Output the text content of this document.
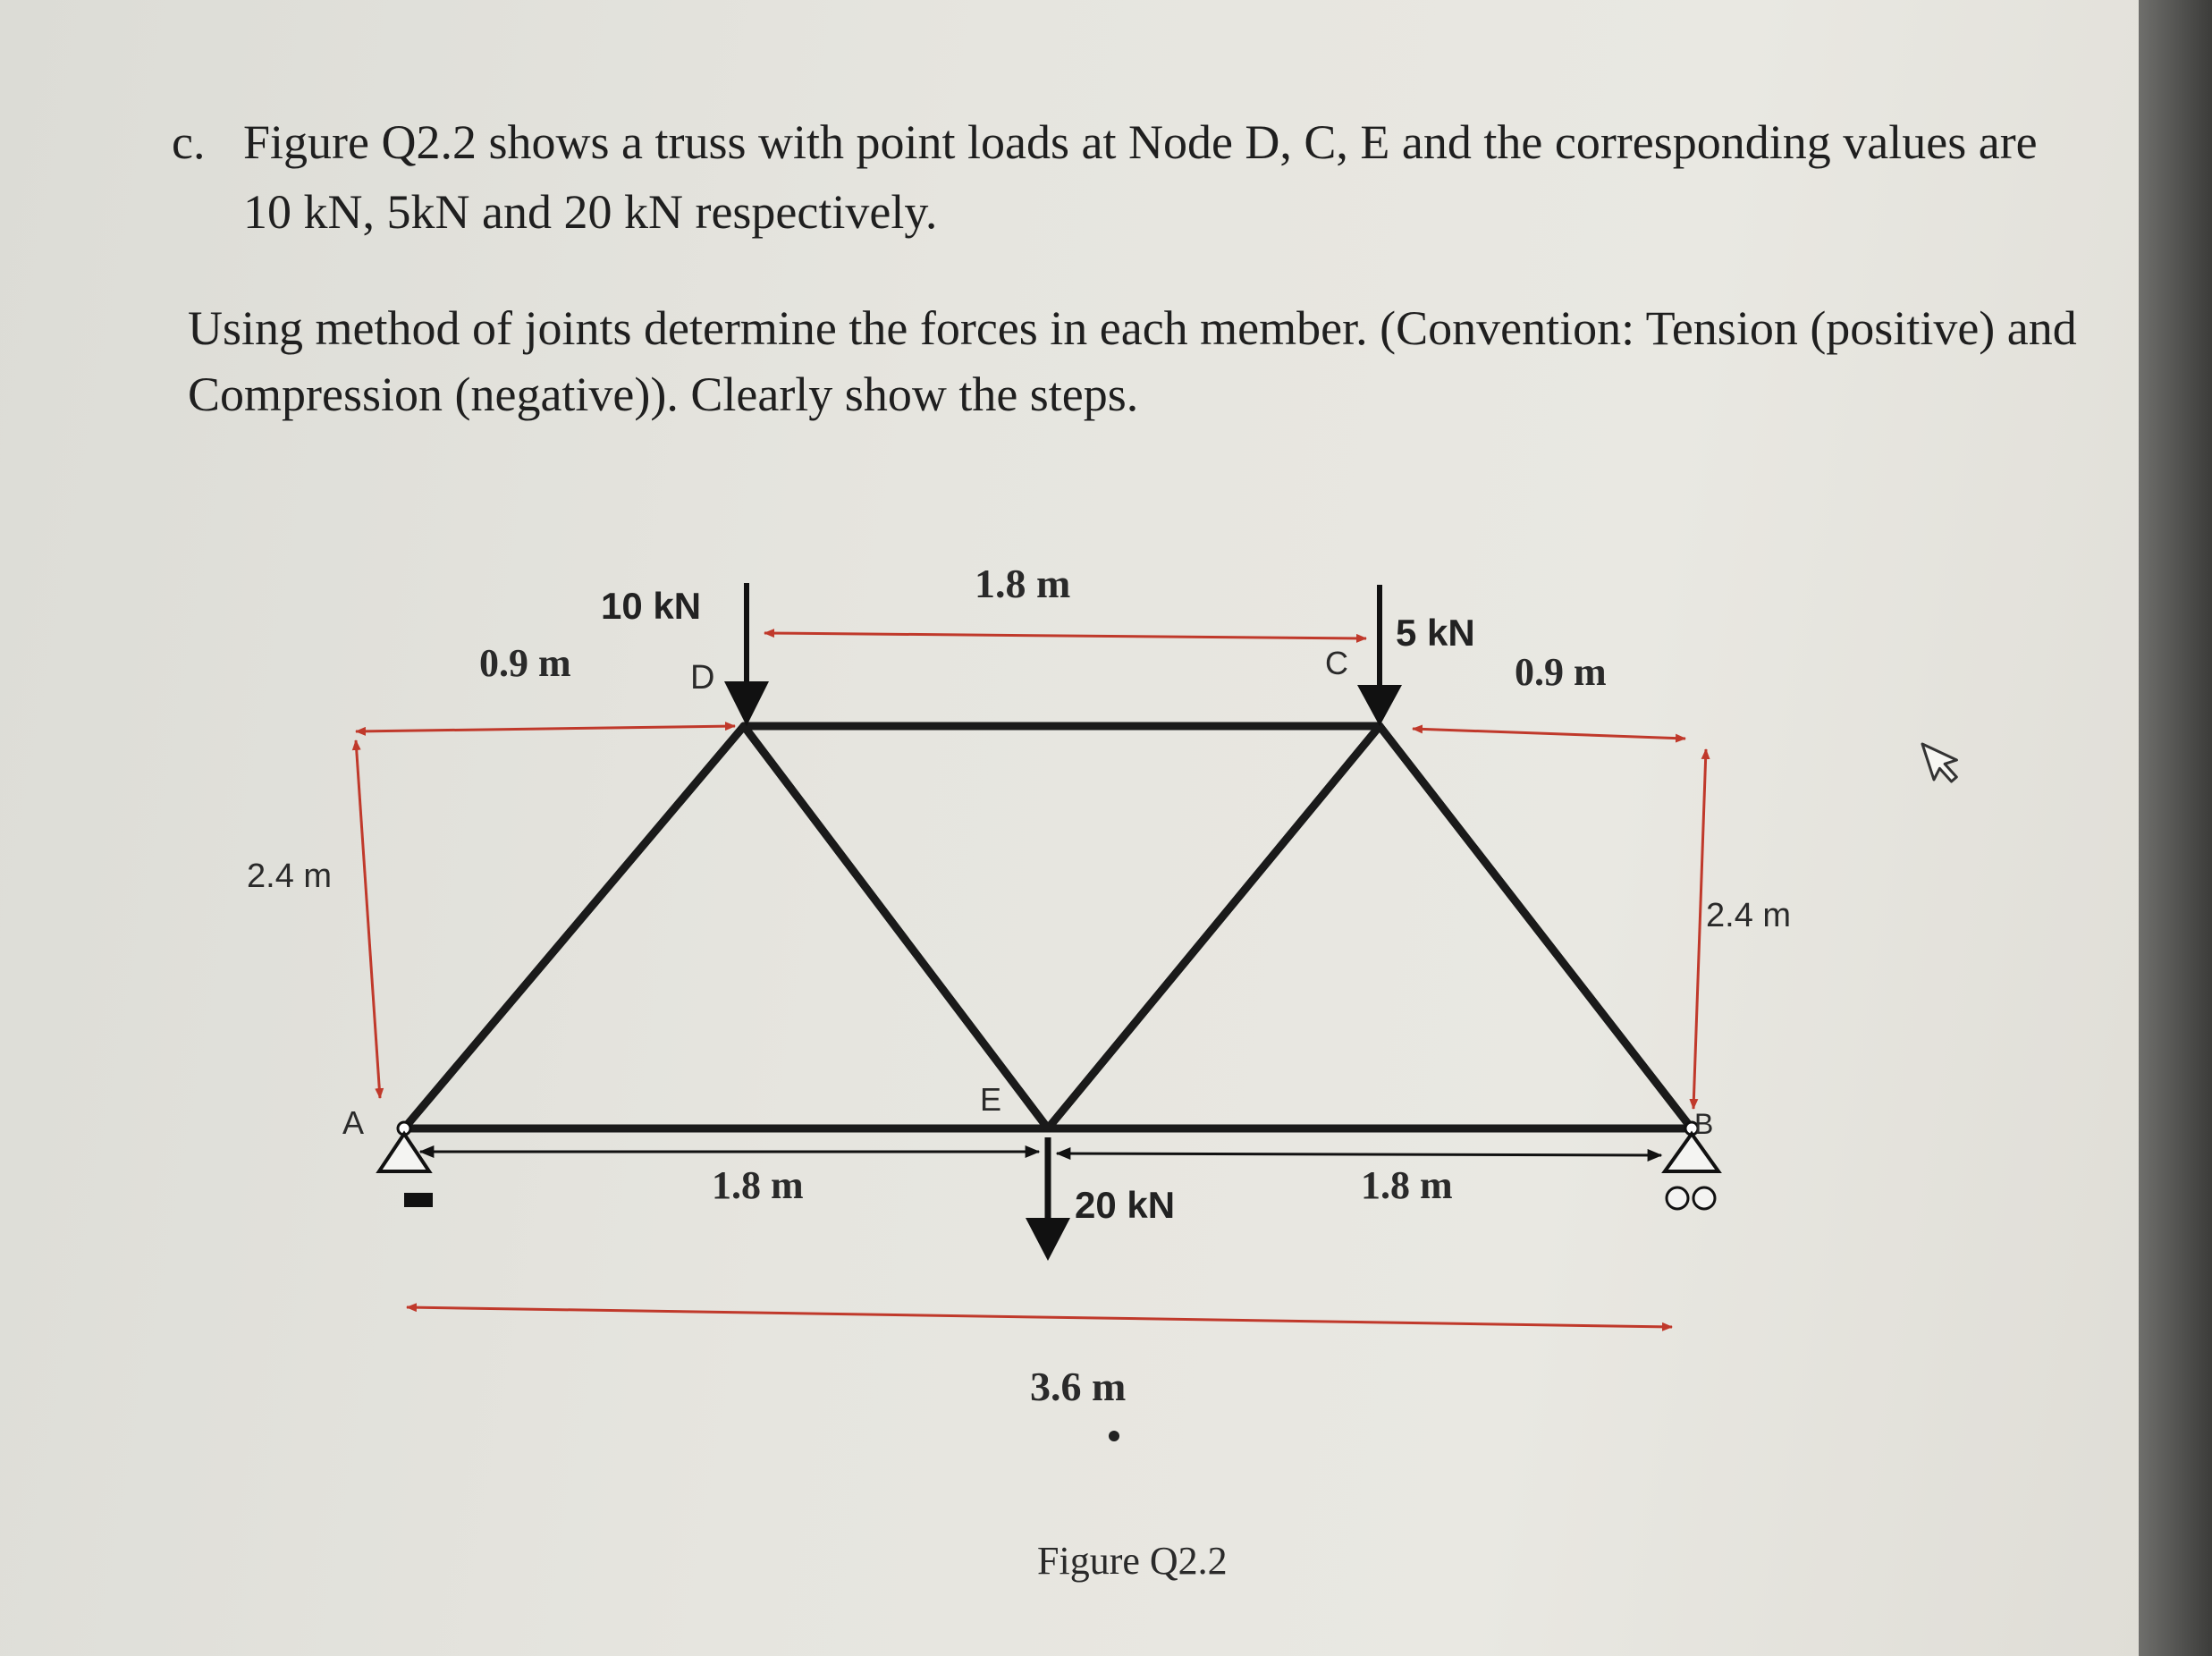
c. Figure Q2.2 shows a truss with point loads at Node D, C, E and the corresponding values are
10 kN, 5kN and 20 kN respectively.
Using method of joints determine the forces in each member. (Convention: Tension (positive) and
Compression (negative)). Clearly show the steps.
A	B
C
D
E
10 kN
5 kN
20 kN
1.8 m
0.9 m	0.9 m
2.4 m
2.4 m
1.8 m	1.8 m
3.6 m
Figure Q2.2
